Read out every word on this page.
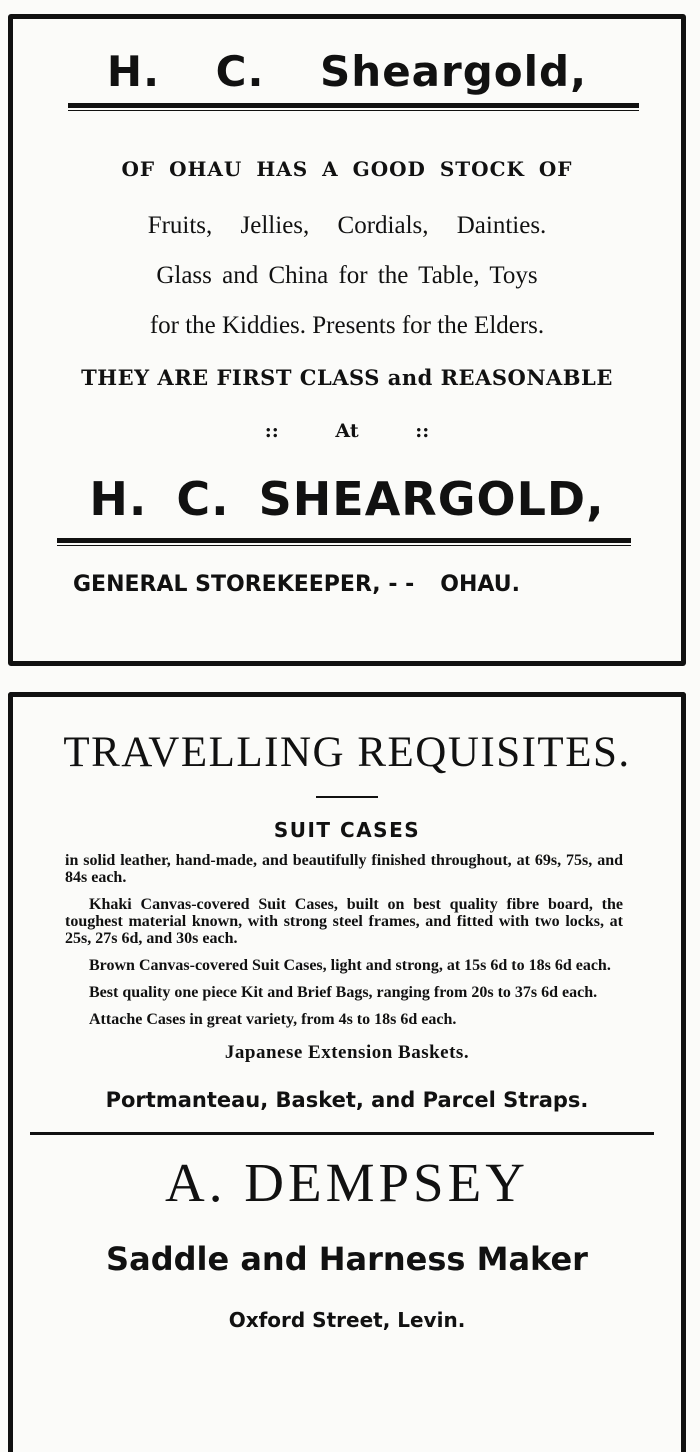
H. C. Sheargold,
OF OHAU HAS A GOOD STOCK OF
Fruits, Jellies, Cordials, Dainties.
Glass and China for the Table, Toys
for the Kiddies. Presents for the Elders.
THEY ARE FIRST CLASS and REASONABLE
:: At ::
H. C. SHEARGOLD,
GENERAL STOREKEEPER, - - OHAU.
TRAVELLING REQUISITES.
SUIT CASES

in solid leather, hand-made, and beautifully finished throughout, at 69s, 75s, and 84s each.

Khaki Canvas-covered Suit Cases, built on best quality fibre board, the toughest material known, with strong steel frames, and fitted with two locks, at 25s, 27s 6d, and 30s each.

Brown Canvas-covered Suit Cases, light and strong, at 15s 6d to 18s 6d each.

Best quality one piece Kit and Brief Bags, ranging from 20s to 37s 6d each.

Attache Cases in great variety, from 4s to 18s 6d each.

Japanese Extension Baskets.
Portmanteau, Basket, and Parcel Straps.
A. DEMPSEY
Saddle and Harness Maker
Oxford Street, Levin.
